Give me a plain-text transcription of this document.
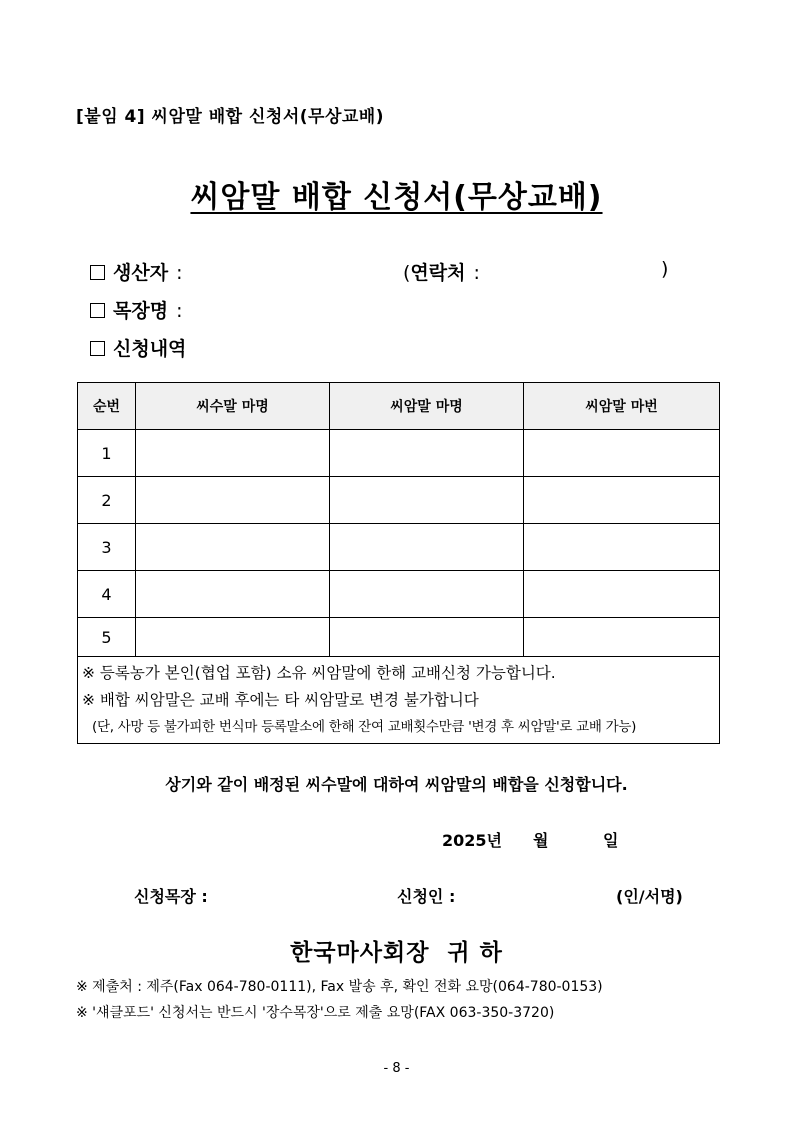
[붙임 4] 씨암말 배합 신청서(무상교배)
씨암말 배합 신청서(무상교배)
생산자 :	(연락처 :	)
목장명 :
신청내역
순번	씨수말 마명	씨암말 마명	씨암말 마번
1			
2			
3			
4			
5			

※ 등록농가 본인(협업 포함) 소유 씨암말에 한해 교배신청 가능합니다.
※ 배합 씨암말은 교배 후에는 타 씨암말로 변경 불가합니다
(단, 사망 등 불가피한 번식마 등록말소에 한해 잔여 교배횟수만큼 '변경 후 씨암말'로 교배 가능)			
상기와 같이 배정된 씨수말에 대하여 씨암말의 배합을 신청합니다.
2025년 월	일
신청목장 :	신청인 :	(인/서명)
한국마사회장  귀 하
※ 제출처 : 제주(Fax 064-780-0111), Fax 발송 후, 확인 전화 요망(064-780-0153)
※ '섀클포드' 신청서는 반드시 '장수목장'으로 제출 요망(FAX 063-350-3720)
- 8 -
